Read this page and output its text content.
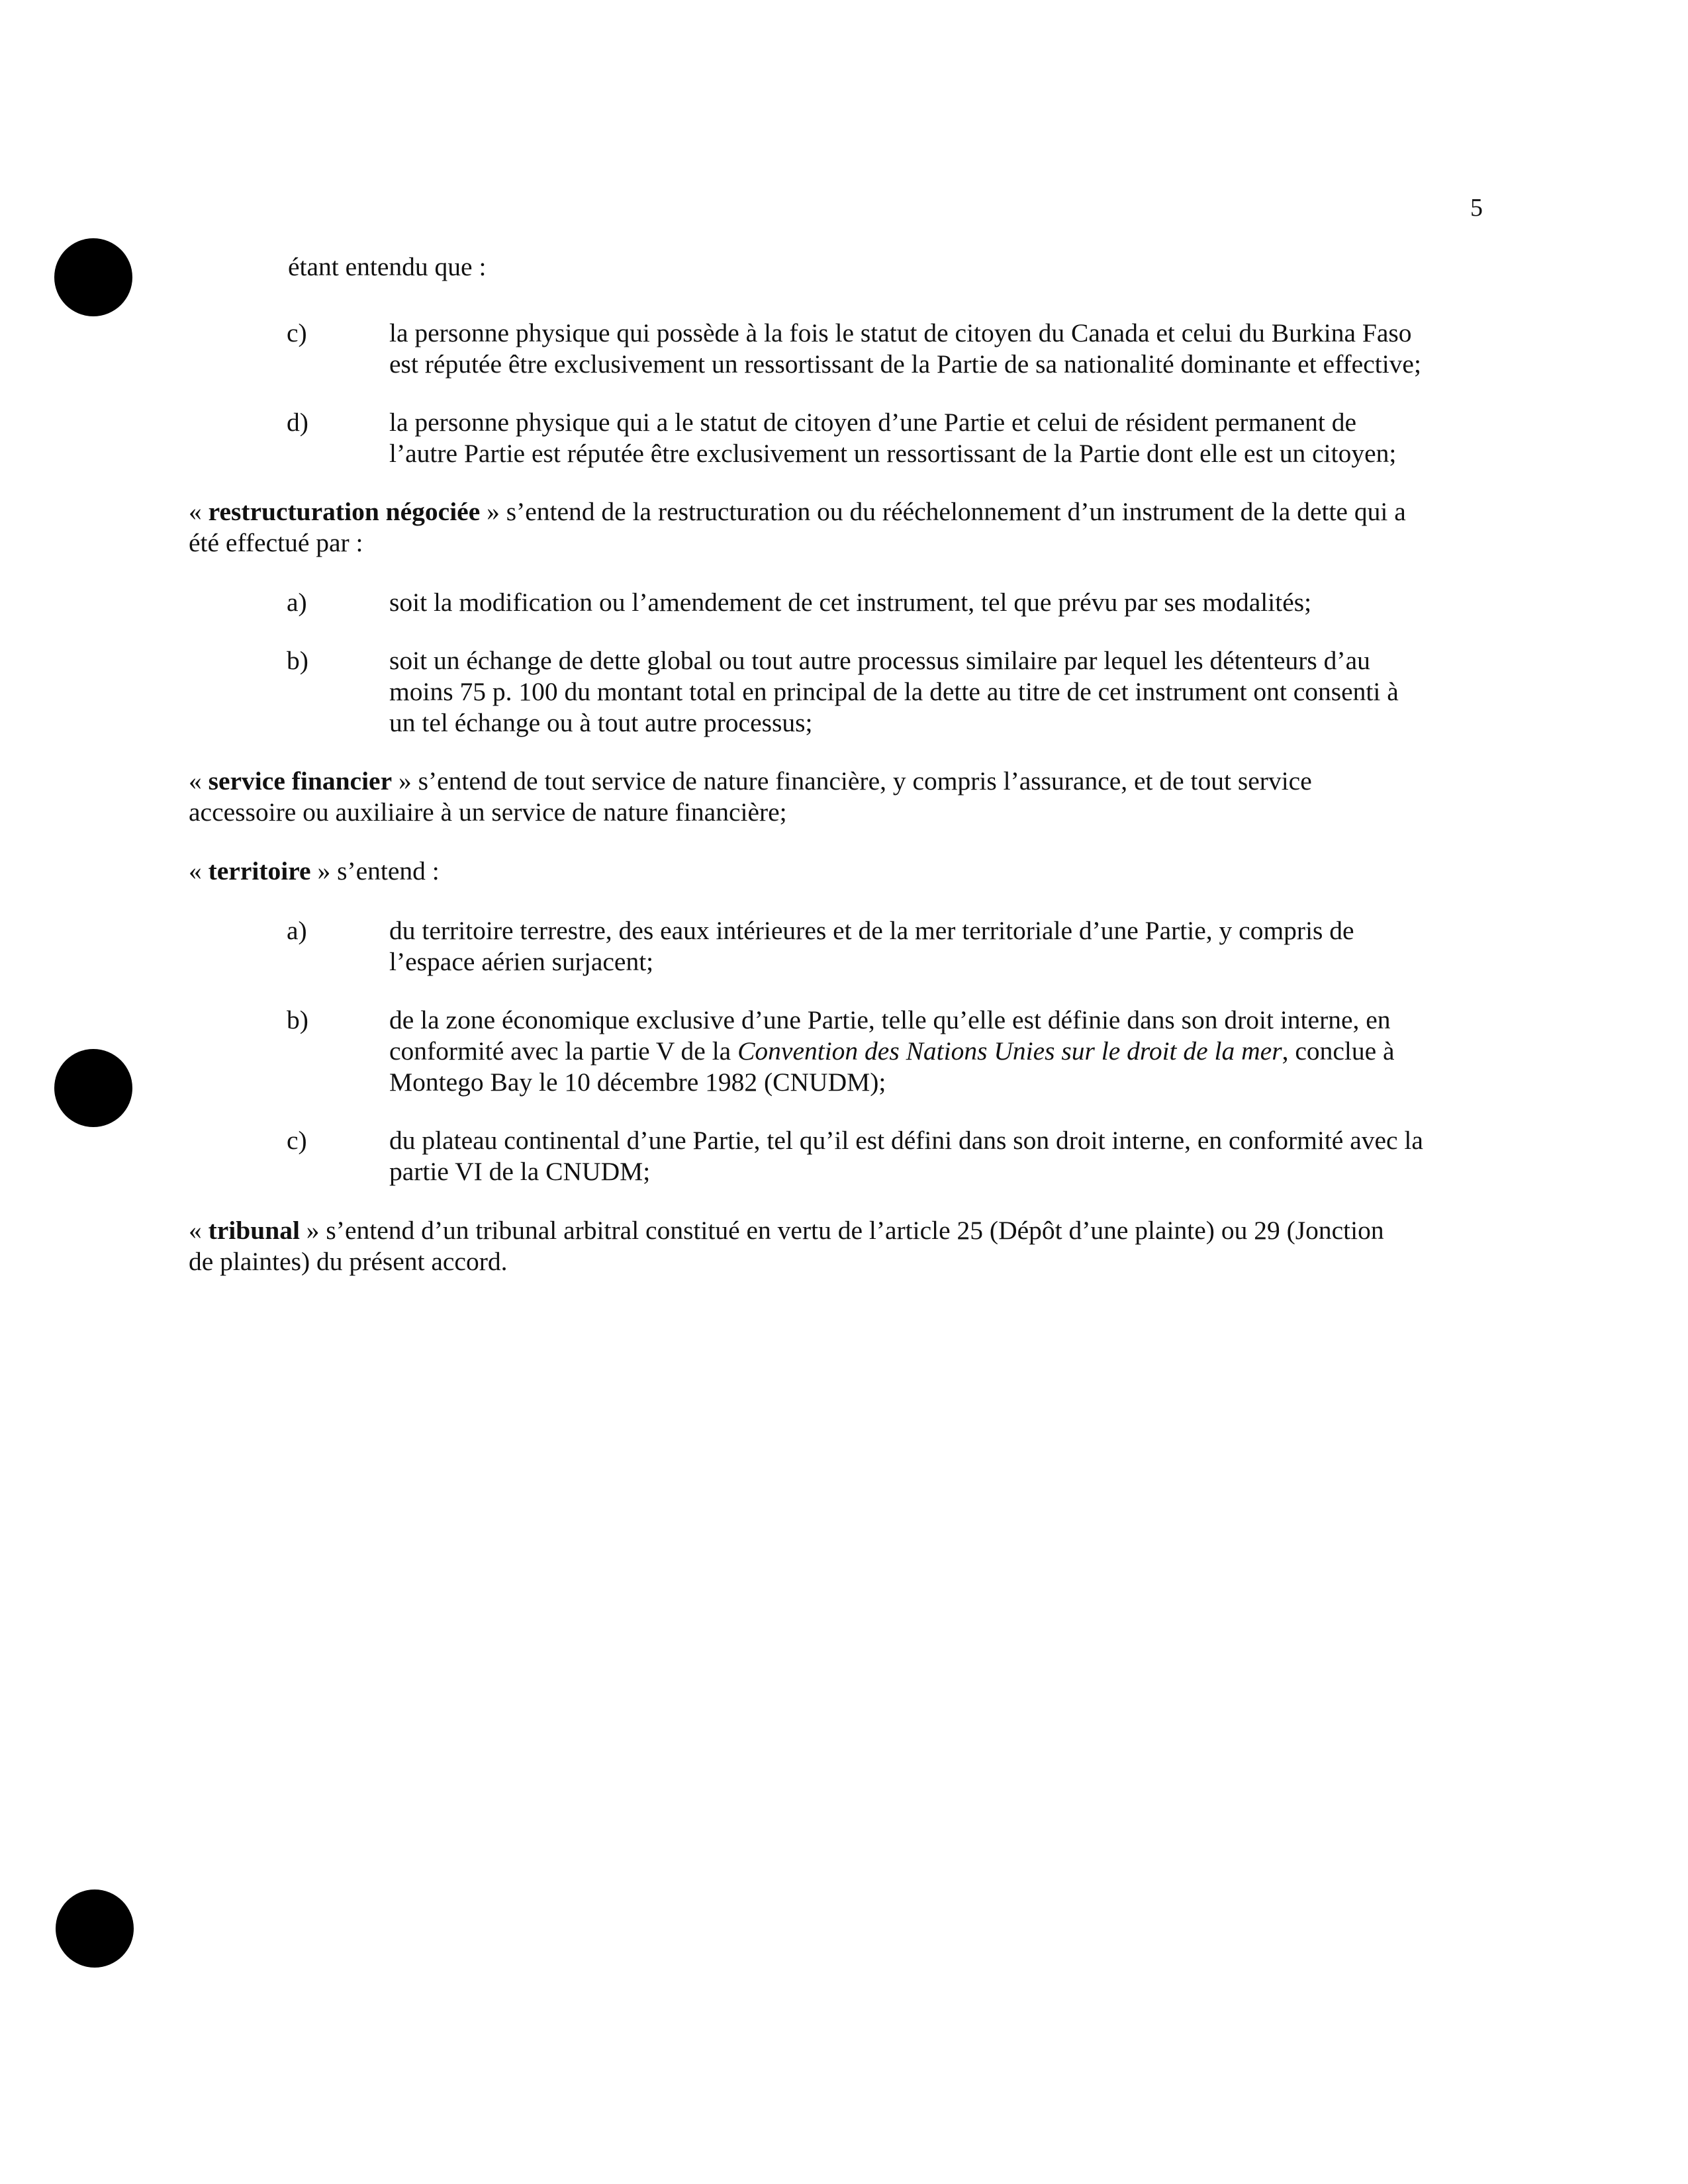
5
étant entendu que :
c)	la personne physique qui possède à la fois le statut de citoyen du Canada et celui du Burkina Faso
est réputée être exclusivement un ressortissant de la Partie de sa nationalité dominante et effective;
d)	la personne physique qui a le statut de citoyen d’une Partie et celui de résident permanent de
l’autre Partie est réputée être exclusivement un ressortissant de la Partie dont elle est un citoyen;
« restructuration négociée » s’entend de la restructuration ou du rééchelonnement d’un instrument de la dette qui a
été effectué par :
a)	soit la modification ou l’amendement de cet instrument, tel que prévu par ses modalités;
b)	soit un échange de dette global ou tout autre processus similaire par lequel les détenteurs d’au
moins 75 p. 100 du montant total en principal de la dette au titre de cet instrument ont consenti à
un tel échange ou à tout autre processus;
« service financier » s’entend de tout service de nature financière, y compris l’assurance, et de tout service
accessoire ou auxiliaire à un service de nature financière;
« territoire » s’entend :
a)	du territoire terrestre, des eaux intérieures et de la mer territoriale d’une Partie, y compris de
l’espace aérien surjacent;
b)	de la zone économique exclusive d’une Partie, telle qu’elle est définie dans son droit interne, en
conformité avec la partie V de la Convention des Nations Unies sur le droit de la mer, conclue à
Montego Bay le 10 décembre 1982 (CNUDM);
c)	du plateau continental d’une Partie, tel qu’il est défini dans son droit interne, en conformité avec la
partie VI de la CNUDM;
« tribunal » s’entend d’un tribunal arbitral constitué en vertu de l’article 25 (Dépôt d’une plainte) ou 29 (Jonction
de plaintes) du présent accord.
